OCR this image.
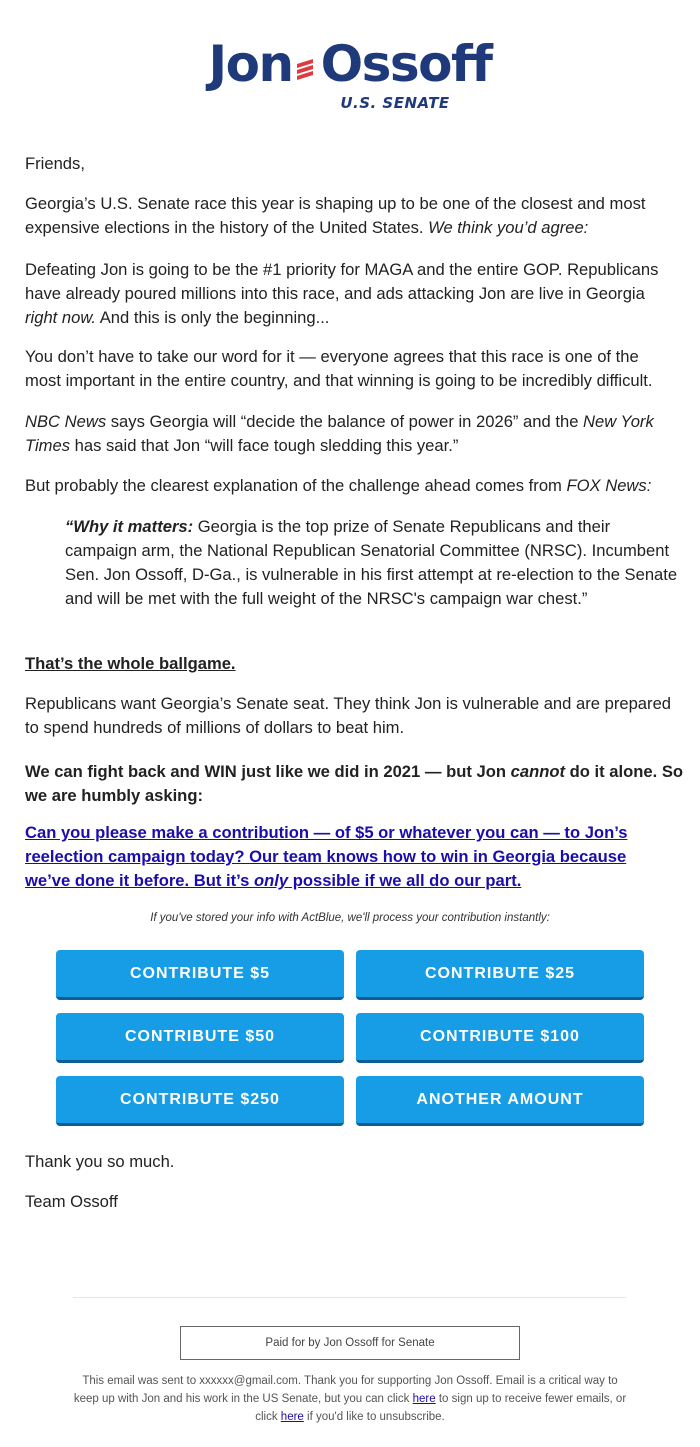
Jon Ossoff
U.S. SENATE

Friends,

Georgia’s U.S. Senate race this year is shaping up to be one of the closest and most expensive elections in the history of the United States. We think you’d agree:

Defeating Jon is going to be the #1 priority for MAGA and the entire GOP. Republicans have already poured millions into this race, and ads attacking Jon are live in Georgia right now. And this is only the beginning...

You don’t have to take our word for it — everyone agrees that this race is one of the most important in the entire country, and that winning is going to be incredibly difficult.

NBC News says Georgia will “decide the balance of power in 2026” and the New York Times has said that Jon “will face tough sledding this year.”

But probably the clearest explanation of the challenge ahead comes from FOX News:

“Why it matters: Georgia is the top prize of Senate Republicans and their campaign arm, the National Republican Senatorial Committee (NRSC). Incumbent Sen. Jon Ossoff, D-Ga., is vulnerable in his first attempt at re-election to the Senate and will be met with the full weight of the NRSC's campaign war chest.”

That’s the whole ballgame.

Republicans want Georgia’s Senate seat. They think Jon is vulnerable and are prepared to spend hundreds of millions of dollars to beat him.

We can fight back and WIN just like we did in 2021 — but Jon cannot do it alone. So we are humbly asking:

Can you please make a contribution — of $5 or whatever you can — to Jon’s reelection campaign today? Our team knows how to win in Georgia because we’ve done it before. But it’s only possible if we all do our part.

If you've stored your info with ActBlue, we'll process your contribution instantly:
CONTRIBUTE $5	CONTRIBUTE $25
CONTRIBUTE $50	CONTRIBUTE $100
CONTRIBUTE $250	ANOTHER AMOUNT

Thank you so much.

Team Ossoff

Paid for by Jon Ossoff for Senate
This email was sent to xxxxxx@gmail.com. Thank you for supporting Jon Ossoff. Email is a critical way to keep up with Jon and his work in the US Senate, but you can click here to sign up to receive fewer emails, or click here if you'd like to unsubscribe.
